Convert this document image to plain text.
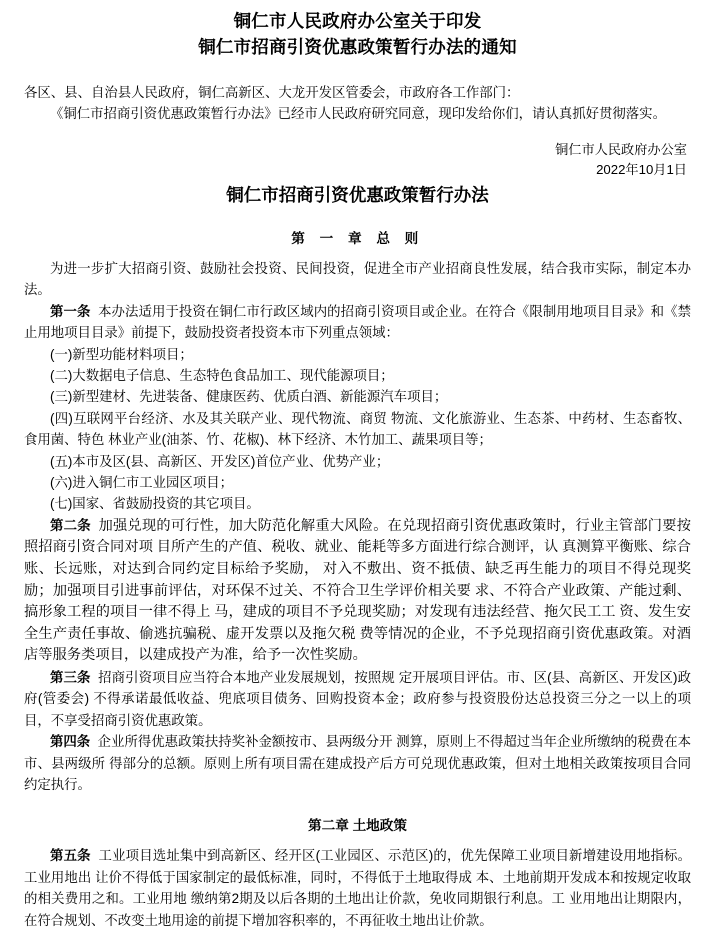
铜仁市人民政府办公室关于印发
铜仁市招商引资优惠政策暂行办法的通知
各区、县、自治县人民政府，铜仁高新区、大龙开发区管委会，市政府各工作部门：
《铜仁市招商引资优惠政策暂行办法》已经市人民政府研究同意，现印发给你们，请认真抓好贯彻落实。
铜仁市人民政府办公室
2022年10月1日
铜仁市招商引资优惠政策暂行办法
第 一 章 总 则

为进一步扩大招商引资、鼓励社会投资、民间投资，促进全市产业招商良性发展，结合我市实际，制定本办法。

第一条 本办法适用于投资在铜仁市行政区域内的招商引资项目或企业。在符合《限制用地项目目录》和《禁止用地项目目录》前提下，鼓励投资者投资本市下列重点领域：

(一)新型功能材料项目；

(二)大数据电子信息、生态特色食品加工、现代能源项目；

(三)新型建材、先进装备、健康医药、优质白酒、新能源汽车项目；

(四)互联网平台经济、水及其关联产业、现代物流、商贸 物流、文化旅游业、生态茶、中药材、生态畜牧、食用菌、特色 林业产业(油茶、竹、花椒)、林下经济、木竹加工、蔬果项目等；

(五)本市及区(县、高新区、开发区)首位产业、优势产业；

(六)进入铜仁市工业园区项目；

(七)国家、省鼓励投资的其它项目。

第二条 加强兑现的可行性，加大防范化解重大风险。在兑现招商引资优惠政策时，行业主管部门要按照招商引资合同对项 目所产生的产值、税收、就业、能耗等多方面进行综合测评，认 真测算平衡账、综合账、长远账，对达到合同约定目标给予奖励， 对入不敷出、资不抵债、缺乏再生能力的项目不得兑现奖励；加强项目引进事前评估，对环保不过关、不符合卫生学评价相关要 求、不符合产业政策、产能过剩、搞形象工程的项目一律不得上 马，建成的项目不予兑现奖励；对发现有违法经营、拖欠民工工 资、发生安全生产责任事故、偷逃抗骗税、虚开发票以及拖欠税 费等情况的企业，不予兑现招商引资优惠政策。对酒店等服务类项目，以建成投产为准，给予一次性奖励。

第三条 招商引资项目应当符合本地产业发展规划，按照规 定开展项目评估。市、区(县、高新区、开发区)政府(管委会) 不得承诺最低收益、兜底项目债务、回购投资本金；政府参与投资股份达总投资三分之一以上的项目，不享受招商引资优惠政策。

第四条 企业所得优惠政策扶持奖补金额按市、县两级分开 测算，原则上不得超过当年企业所缴纳的税费在本市、县两级所 得部分的总额。原则上所有项目需在建成投产后方可兑现优惠政策，但对土地相关政策按项目合同约定执行。

第二章 土地政策

第五条 工业项目选址集中到高新区、经开区(工业园区、示范区)的，优先保障工业项目新增建设用地指标。工业用地出 让价不得低于国家制定的最低标准，同时，不得低于土地取得成 本、土地前期开发成本和按规定收取的相关费用之和。工业用地 缴纳第2期及以后各期的土地出让价款，免收同期银行利息。工 业用地出让期限内，在符合规划、不改变土地用途的前提下增加容积率的，不再征收土地出让价款。
